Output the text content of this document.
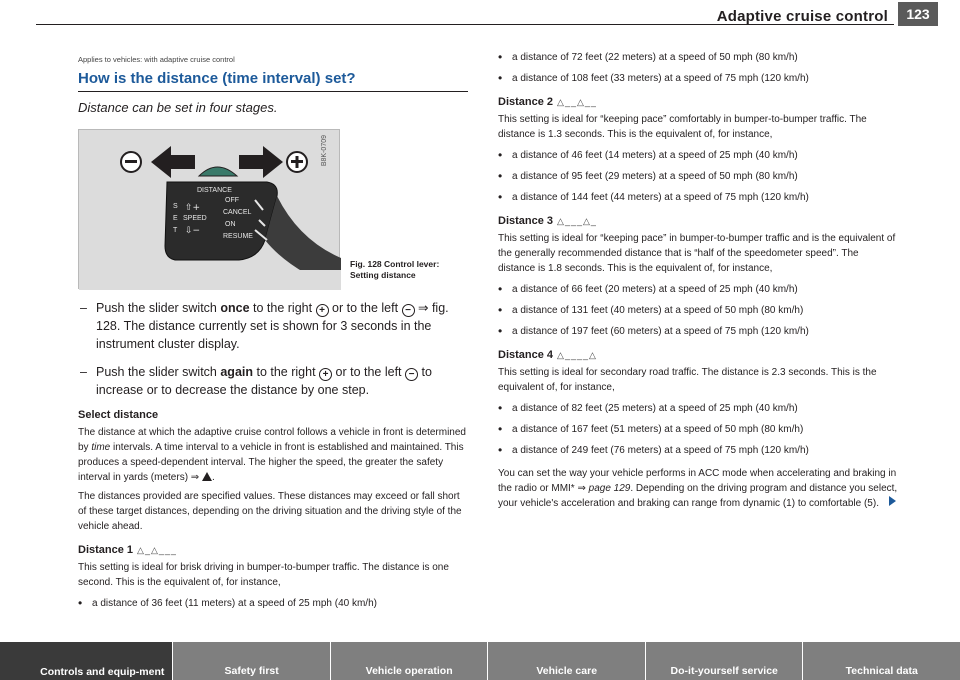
Adaptive cruise control	123
Applies to vehicles: with adaptive cruise control
How is the distance (time interval) set?
Distance can be set in four stages.
DISTANCE
S
E
T
SPEED
OFF
CANCEL
ON
RESUME
⇧+
⇩−
B8K-0709
Fig. 128 Control lever:
Setting distance
– Push the slider switch once to the right + or to the left − ⇒ fig. 128. The distance currently set is shown for 3 seconds in the instrument cluster display.
– Push the slider switch again to the right + or to the left − to increase or to decrease the distance by one step.
Select distance
The distance at which the adaptive cruise control follows a vehicle in front is determined by time intervals. A time interval to a vehicle in front is established and maintained. This produces a speed-dependent interval. The higher the speed, the greater the safety interval in yards (meters) ⇒ .
The distances provided are specified values. These distances may exceed or fall short of these target distances, depending on the driving situation and the driving style of the vehicle ahead.
Distance 1 △_△___
This setting is ideal for brisk driving in bumper-to-bumper traffic. The distance is one second. This is the equivalent of, for instance,
• a distance of 36 feet (11 meters) at a speed of 25 mph (40 km/h)
• a distance of 72 feet (22 meters) at a speed of 50 mph (80 km/h)
• a distance of 108 feet (33 meters) at a speed of 75 mph (120 km/h)
Distance 2 △__△__
This setting is ideal for “keeping pace” comfortably in bumper-to-bumper traffic. The distance is 1.3 seconds. This is the equivalent of, for instance,
• a distance of 46 feet (14 meters) at a speed of 25 mph (40 km/h)
• a distance of 95 feet (29 meters) at a speed of 50 mph (80 km/h)
• a distance of 144 feet (44 meters) at a speed of 75 mph (120 km/h)
Distance 3 △___△_
This setting is ideal for “keeping pace” in bumper-to-bumper traffic and is the equivalent of the generally recommended distance that is “half of the speedometer speed”. The distance is 1.8 seconds. This is the equivalent of, for instance,
• a distance of 66 feet (20 meters) at a speed of 25 mph (40 km/h)
• a distance of 131 feet (40 meters) at a speed of 50 mph (80 km/h)
• a distance of 197 feet (60 meters) at a speed of 75 mph (120 km/h)
Distance 4 △____△
This setting is ideal for secondary road traffic. The distance is 2.3 seconds. This is the equivalent of, for instance,
• a distance of 82 feet (25 meters) at a speed of 25 mph (40 km/h)
• a distance of 167 feet (51 meters) at a speed of 50 mph (80 km/h)
• a distance of 249 feet (76 meters) at a speed of 75 mph (120 km/h)
You can set the way your vehicle performs in ACC mode when accelerating and braking in the radio or MMI* ⇒ page 129. Depending on the driving program and distance you select, your vehicle's acceleration and braking can range from dynamic (1) to comfortable (5).
Controls and equip-ment	Safety first	Vehicle operation	Vehicle care	Do-it-yourself service	Technical data
